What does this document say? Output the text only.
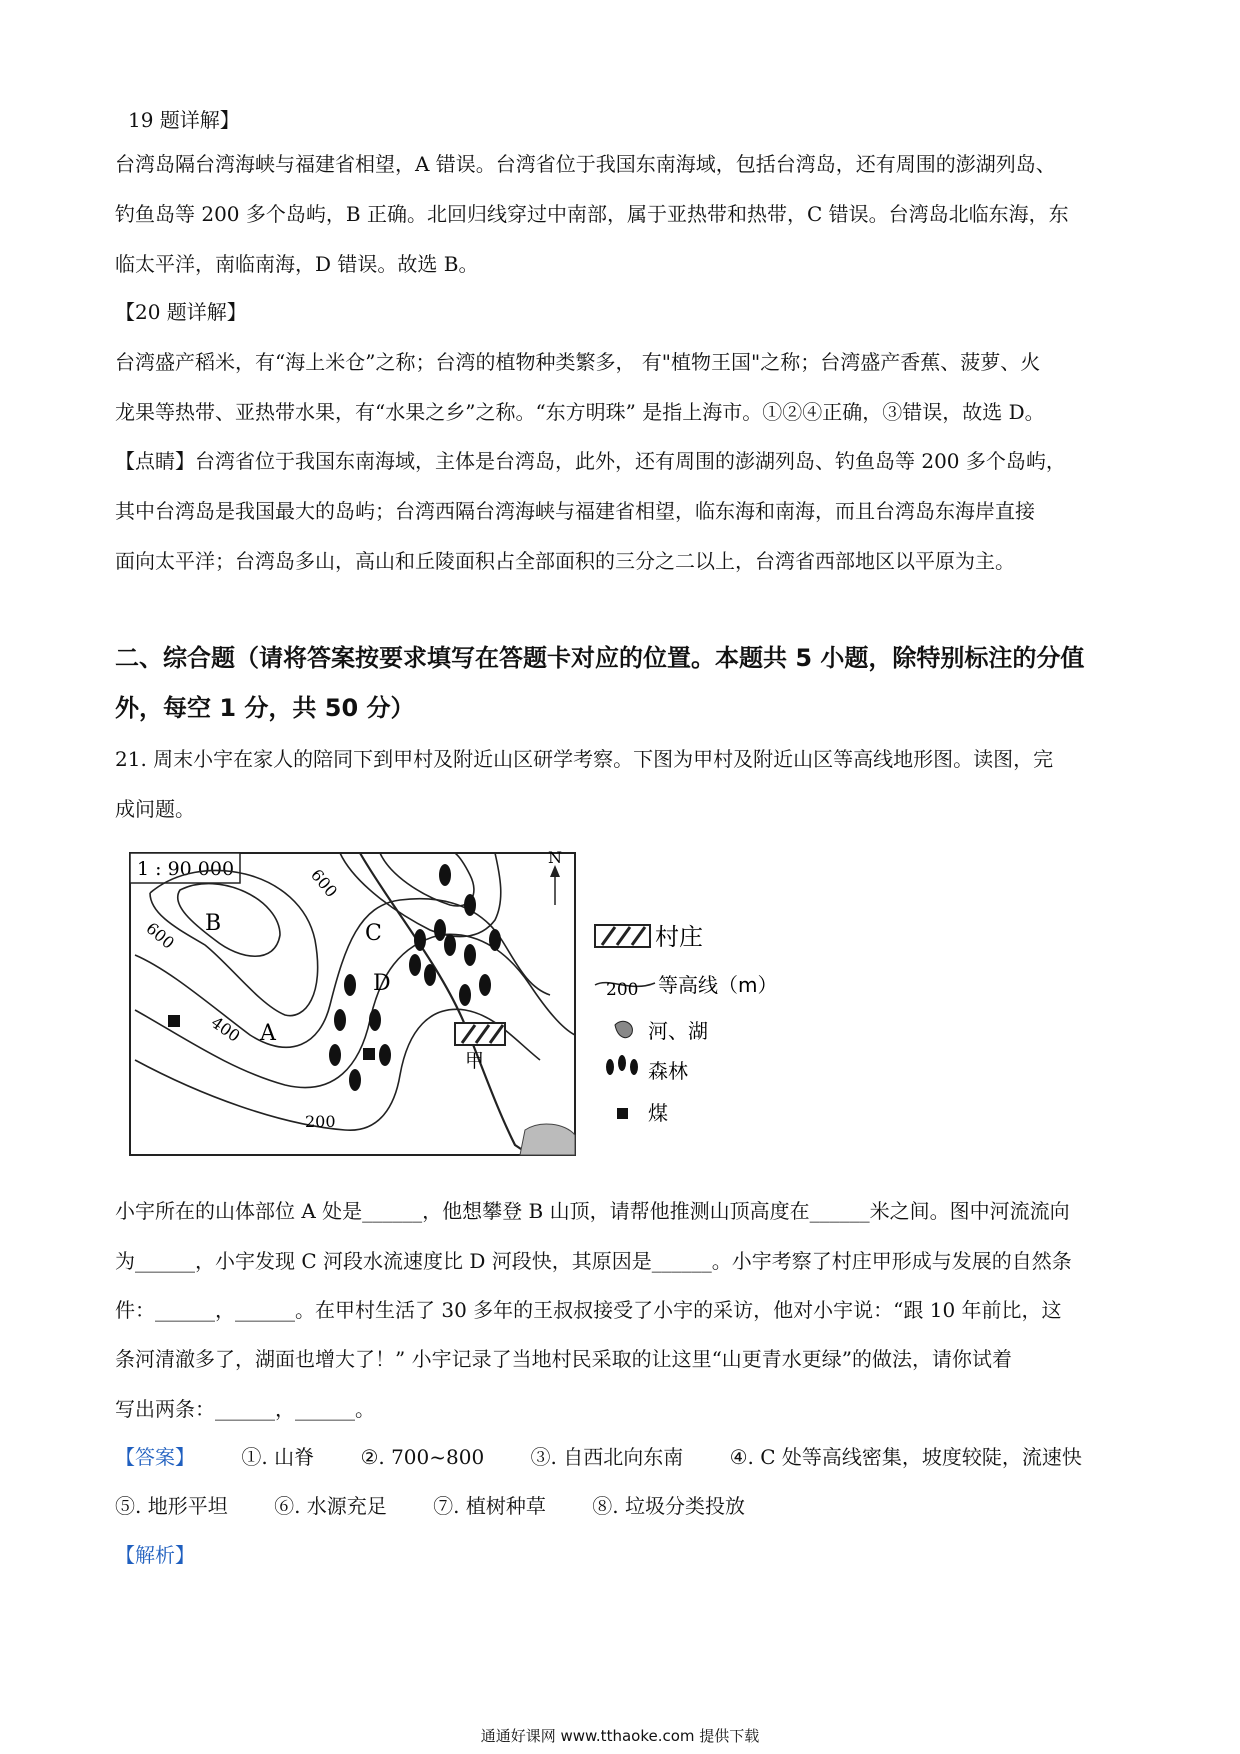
19 题详解】
台湾岛隔台湾海峡与福建省相望，A 错误。台湾省位于我国东南海域，包括台湾岛，还有周围的澎湖列岛、
钓鱼岛等 200 多个岛屿，B 正确。北回归线穿过中南部，属于亚热带和热带，C 错误。台湾岛北临东海，东
临太平洋，南临南海，D 错误。故选 B。
【20 题详解】
台湾盛产稻米，有“海上米仓”之称；台湾的植物种类繁多， 有"植物王国"之称；台湾盛产香蕉、菠萝、火
龙果等热带、亚热带水果，有“水果之乡”之称。“东方明珠” 是指上海市。①②④正确，③错误，故选 D。
【点睛】台湾省位于我国东南海域，主体是台湾岛，此外，还有周围的澎湖列岛、钓鱼岛等 200 多个岛屿，
其中台湾岛是我国最大的岛屿；台湾西隔台湾海峡与福建省相望，临东海和南海，而且台湾岛东海岸直接
面向太平洋；台湾岛多山，高山和丘陵面积占全部面积的三分之二以上，台湾省西部地区以平原为主。
二、综合题（请将答案按要求填写在答题卡对应的位置。本题共 5 小题，除特别标注的分值
外，每空 1 分，共 50 分）
21. 周末小宇在家人的陪同下到甲村及附近山区研学考察。下图为甲村及附近山区等高线地形图。读图，完
成问题。
1 : 90 000
N
B	C
D
A
甲
600
600
400
200
村庄
200 等高线（m）
河、湖
森林
煤
小宇所在的山体部位 A 处是______，他想攀登 B 山顶，请帮他推测山顶高度在______米之间。图中河流流向
为______，小宇发现 C 河段水流速度比 D 河段快，其原因是______。小宇考察了村庄甲形成与发展的自然条
件：______，______。在甲村生活了 30 多年的王叔叔接受了小宇的采访，他对小宇说：“跟 10 年前比，这
条河清澈多了，湖面也增大了！” 小宇记录了当地村民采取的让这里“山更青水更绿”的做法，请你试着
写出两条：______，______。
【答案】 ①. 山脊 ②. 700~800 ③. 自西北向东南 ④. C 处等高线密集，坡度较陡，流速快
⑤. 地形平坦 ⑥. 水源充足 ⑦. 植树种草 ⑧. 垃圾分类投放
【解析】
通通好课网 www.tthaoke.com 提供下载
